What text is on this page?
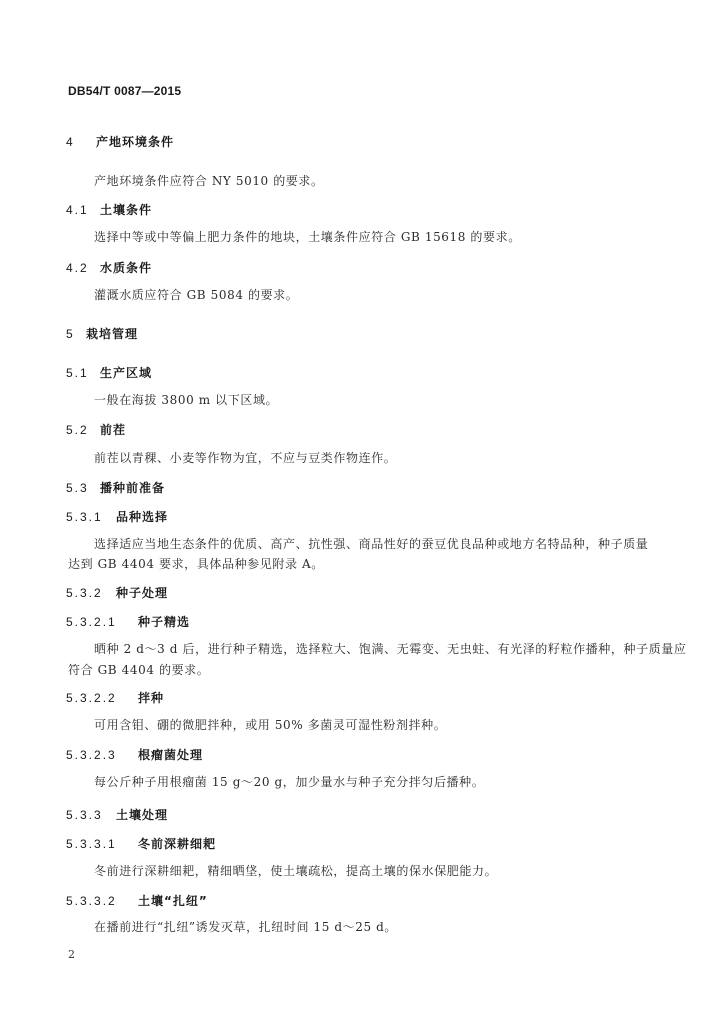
DB54/T 0087—2015
4 产地环境条件
产地环境条件应符合 NY 5010 的要求。
4.1 土壤条件
选择中等或中等偏上肥力条件的地块，土壤条件应符合 GB 15618 的要求。
4.2 水质条件
灌溉水质应符合 GB 5084 的要求。
5 栽培管理
5.1 生产区域
一般在海拔 3800 m 以下区域。
5.2 前茬
前茬以青稞、小麦等作物为宜，不应与豆类作物连作。
5.3 播种前准备
5.3.1 品种选择
选择适应当地生态条件的优质、高产、抗性强、商品性好的蚕豆优良品种或地方名特品种，种子质量
达到 GB 4404 要求，具体品种参见附录 A。
5.3.2 种子处理
5.3.2.1 种子精选
晒种 2 d～3 d 后，进行种子精选，选择粒大、饱满、无霉变、无虫蛀、有光泽的籽粒作播种，种子质量应
符合 GB 4404 的要求。
5.3.2.2 拌种
可用含钼、硼的微肥拌种，或用 50% 多菌灵可湿性粉剂拌种。
5.3.2.3 根瘤菌处理
每公斤种子用根瘤菌 15 g～20 g，加少量水与种子充分拌匀后播种。
5.3.3 土壤处理
5.3.3.1 冬前深耕细耙
冬前进行深耕细耙，精细晒垡，使土壤疏松，提高土壤的保水保肥能力。
5.3.3.2 土壤“扎纽”
在播前进行“扎纽”诱发灭草，扎纽时间 15 d～25 d。
2
